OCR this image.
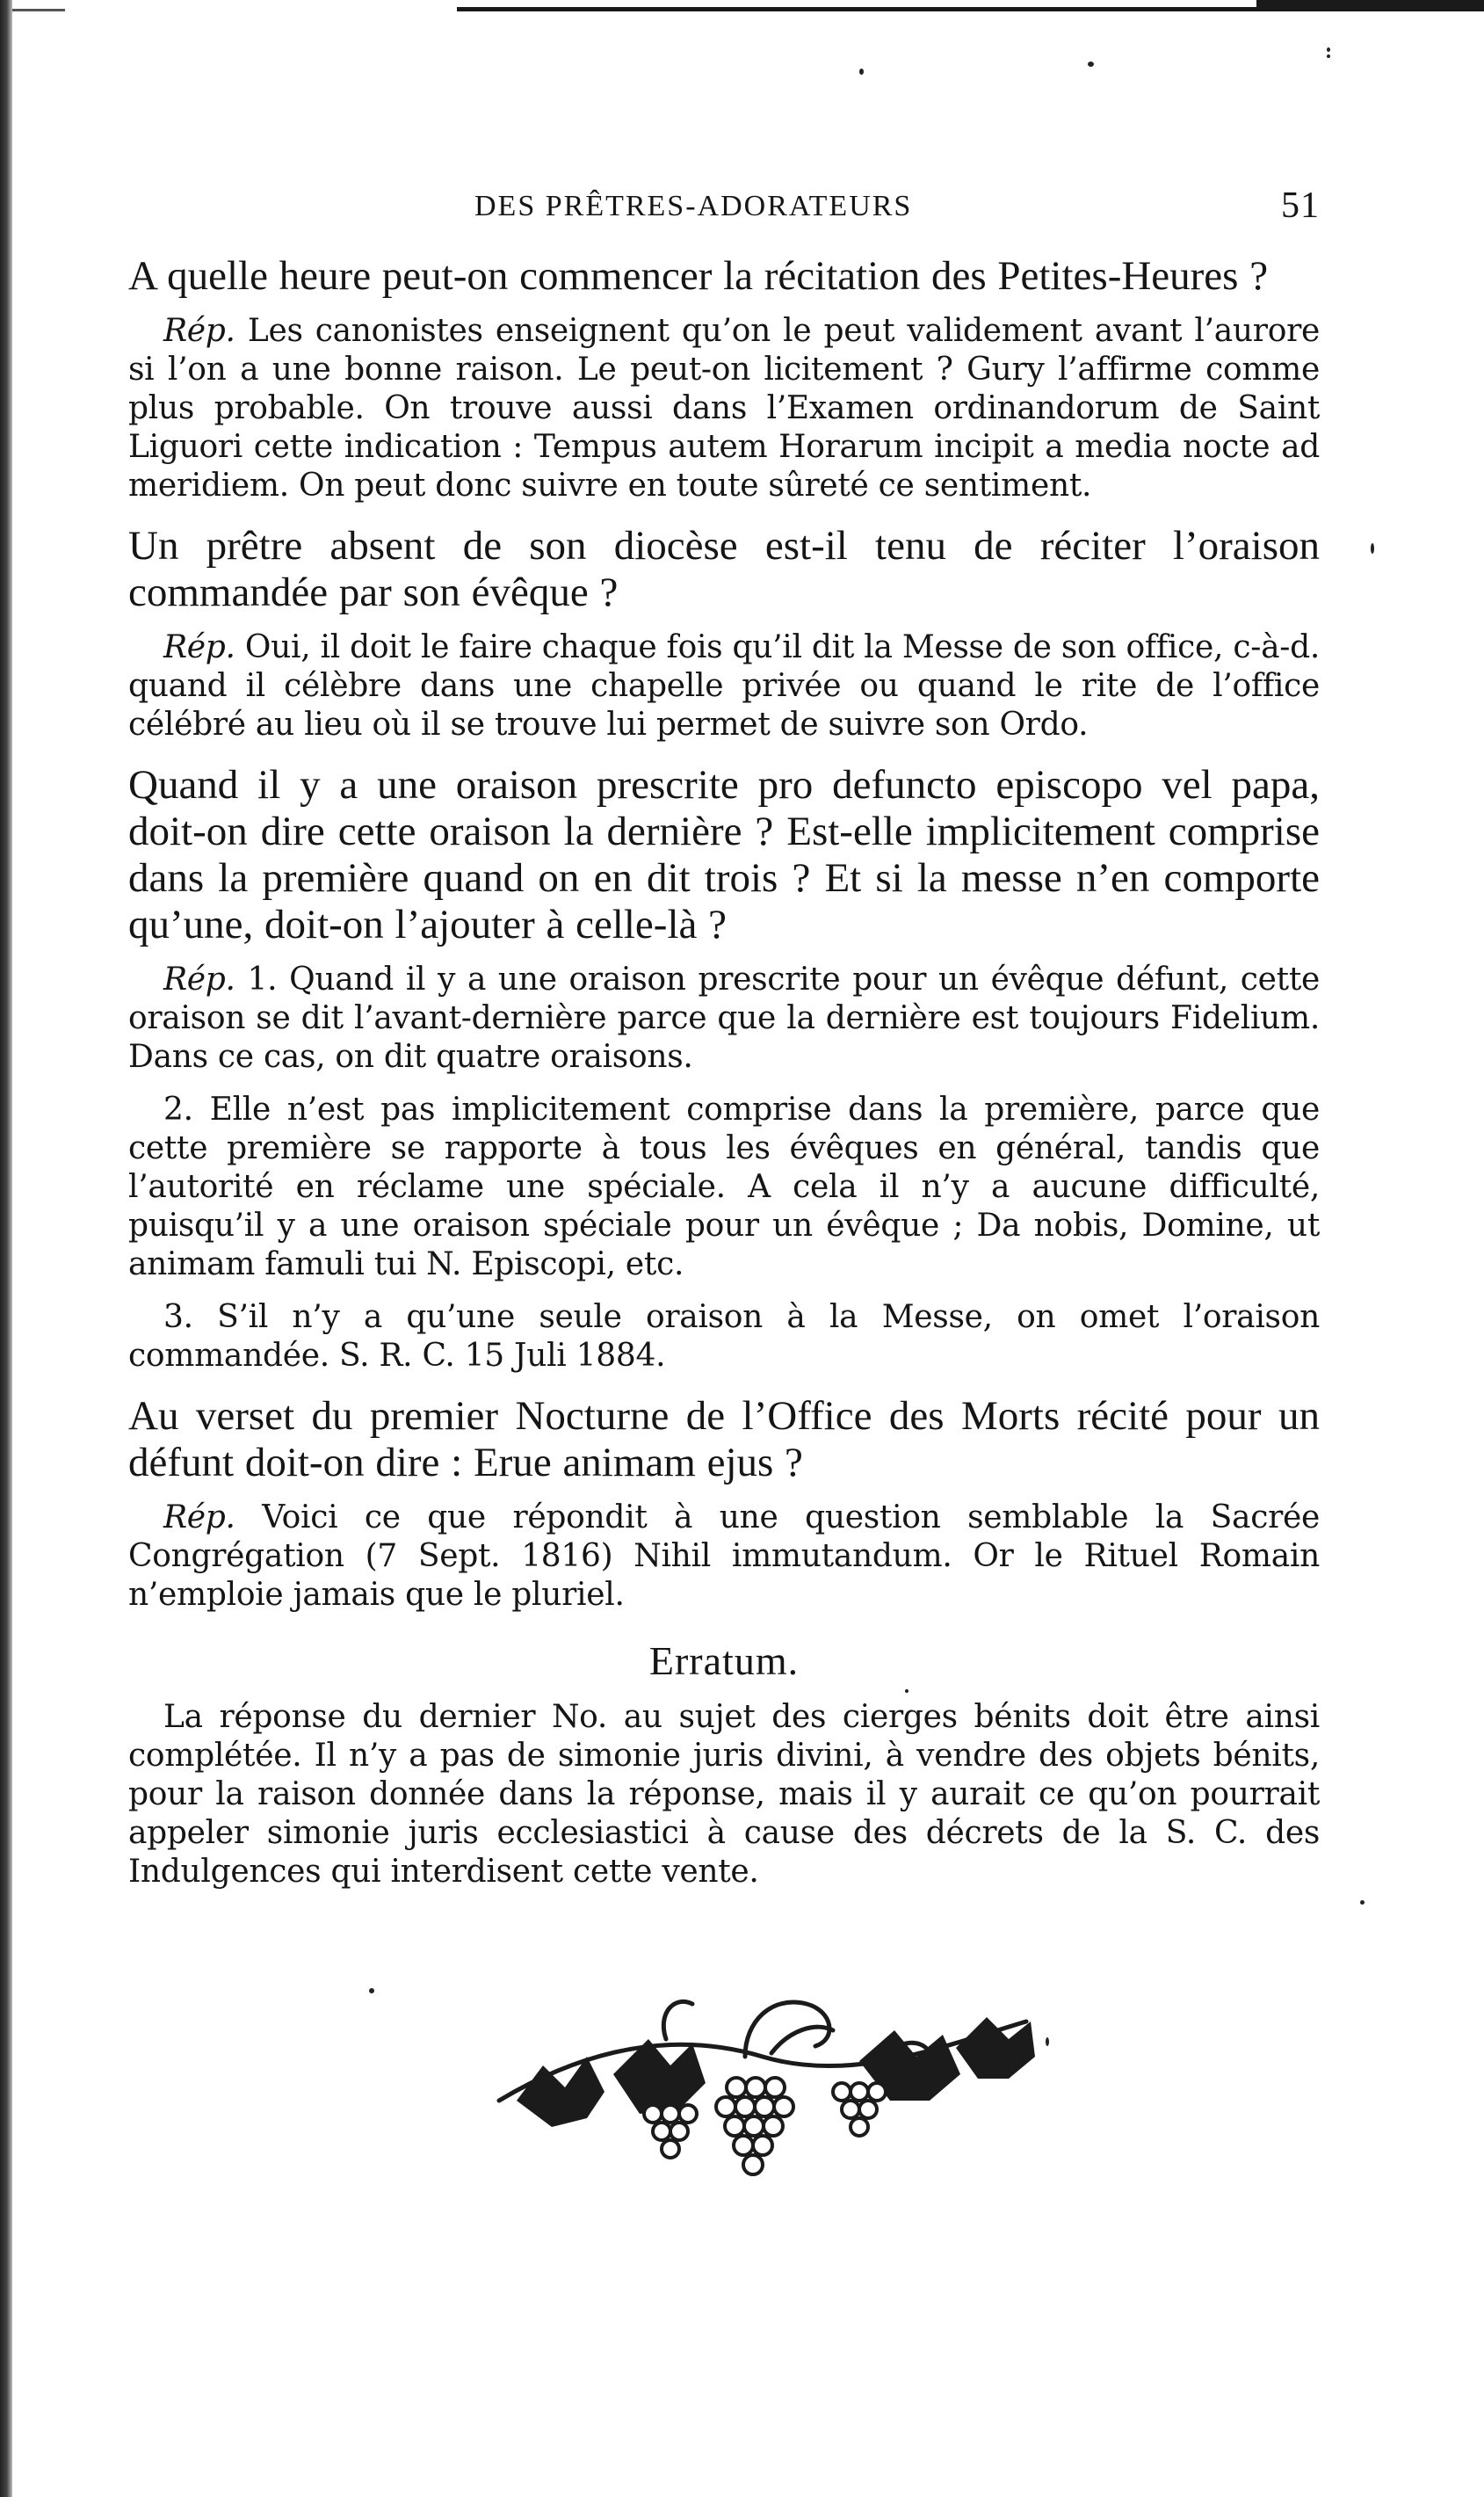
DES PRÊTRES-ADORATEURS	51

A quelle heure peut-on commencer la récitation des Petites-Heures ?

Rép. Les canonistes enseignent qu’on le peut validement avant l’aurore si l’on a une bonne raison. Le peut-on licitement ? Gury l’affirme comme plus probable. On trouve aussi dans l’Examen ordinandorum de Saint Liguori cette indication : Tempus autem Horarum incipit a media nocte ad meridiem. On peut donc suivre en toute sûreté ce sentiment.

Un prêtre absent de son diocèse est-il tenu de réciter l’oraison commandée par son évêque ?

Rép. Oui, il doit le faire chaque fois qu’il dit la Messe de son office, c-à-d. quand il célèbre dans une chapelle privée ou quand le rite de l’office célébré au lieu où il se trouve lui permet de suivre son Ordo.

Quand il y a une oraison prescrite pro defuncto episcopo vel papa, doit-on dire cette oraison la dernière ? Est-elle implicitement comprise dans la première quand on en dit trois ? Et si la messe n’en comporte qu’une, doit-on l’ajouter à celle-là ?

Rép. 1. Quand il y a une oraison prescrite pour un évêque défunt, cette oraison se dit l’avant-dernière parce que la dernière est toujours Fidelium. Dans ce cas, on dit quatre oraisons.

2. Elle n’est pas implicitement comprise dans la première, parce que cette première se rapporte à tous les évêques en général, tandis que l’autorité en réclame une spéciale. A cela il n’y a aucune difficulté, puisqu’il y a une oraison spéciale pour un évêque ; Da nobis, Domine, ut animam famuli tui N. Episcopi, etc.

3. S’il n’y a qu’une seule oraison à la Messe, on omet l’oraison commandée. S. R. C. 15 Juli 1884.

Au verset du premier Nocturne de l’Office des Morts récité pour un défunt doit-on dire : Erue animam ejus ?

Rép. Voici ce que répondit à une question semblable la Sacrée Congrégation (7 Sept. 1816) Nihil immutandum. Or le Rituel Romain n’emploie jamais que le pluriel.

Erratum.

La réponse du dernier No. au sujet des cierges bénits doit être ainsi complétée. Il n’y a pas de simonie juris divini, à vendre des objets bénits, pour la raison donnée dans la réponse, mais il y aurait ce qu’on pourrait appeler simonie juris ecclesiastici à cause des décrets de la S. C. des Indulgences qui interdisent cette vente.
